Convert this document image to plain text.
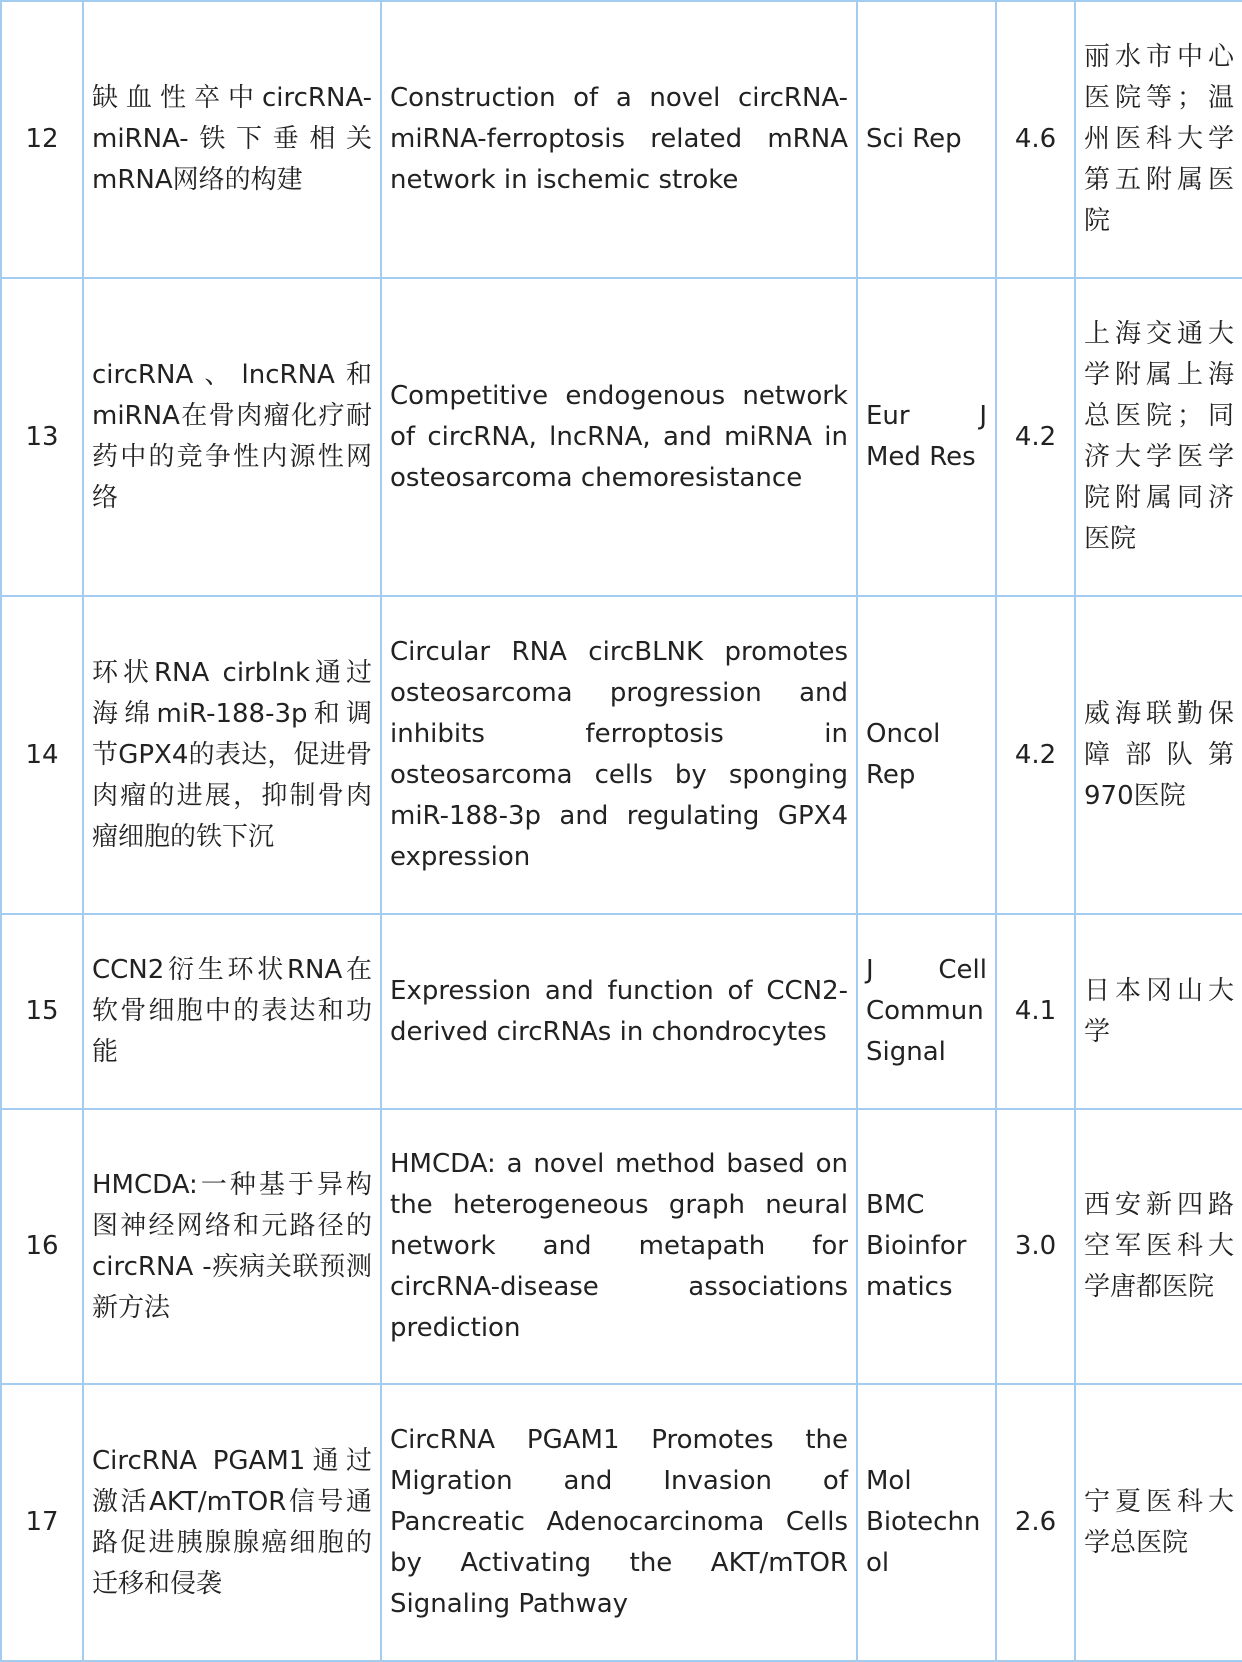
12	缺血性卒中circRNA-miRNA-铁下垂相关mRNA网络的构建	Construction of a novel circRNA-miRNA-ferroptosis related mRNA network in ischemic stroke	Sci Rep	4.6	丽水市中心医院等；温州医科大学第五附属医院
13	circRNA、lncRNA和miRNA在骨肉瘤化疗耐药中的竞争性内源性网络	Competitive endogenous network of circRNA, lncRNA, and miRNA in osteosarcoma chemoresistance	Eur J Med Res	4.2	上海交通大学附属上海总医院；同济大学医学院附属同济医院
14	环状RNA cirblnk通过海绵miR-188-3p和调节GPX4的表达，促进骨肉瘤的进展，抑制骨肉瘤细胞的铁下沉	Circular RNA circBLNK promotes osteosarcoma progression and inhibits ferroptosis in osteosarcoma cells by sponging miR-188-3p and regulating GPX4 expression	Oncol Rep	4.2	威海联勤保障部队第970医院
15	CCN2衍生环状RNA在软骨细胞中的表达和功能	Expression and function of CCN2-derived circRNAs in chondrocytes	J Cell Commun Signal	4.1	日本冈山大学
16	HMCDA:一种基于异构图神经网络和元路径的circRNA -疾病关联预测新方法	HMCDA: a novel method based on the heterogeneous graph neural network and metapath for circRNA-disease associations prediction	BMC Bioinformatics	3.0	西安新四路空军医科大学唐都医院
17	CircRNA PGAM1通过激活AKT/mTOR信号通路促进胰腺腺癌细胞的迁移和侵袭	CircRNA PGAM1 Promotes the Migration and Invasion of Pancreatic Adenocarcinoma Cells by Activating the AKT/mTOR Signaling Pathway	Mol Biotechnol	2.6	宁夏医科大学总医院
